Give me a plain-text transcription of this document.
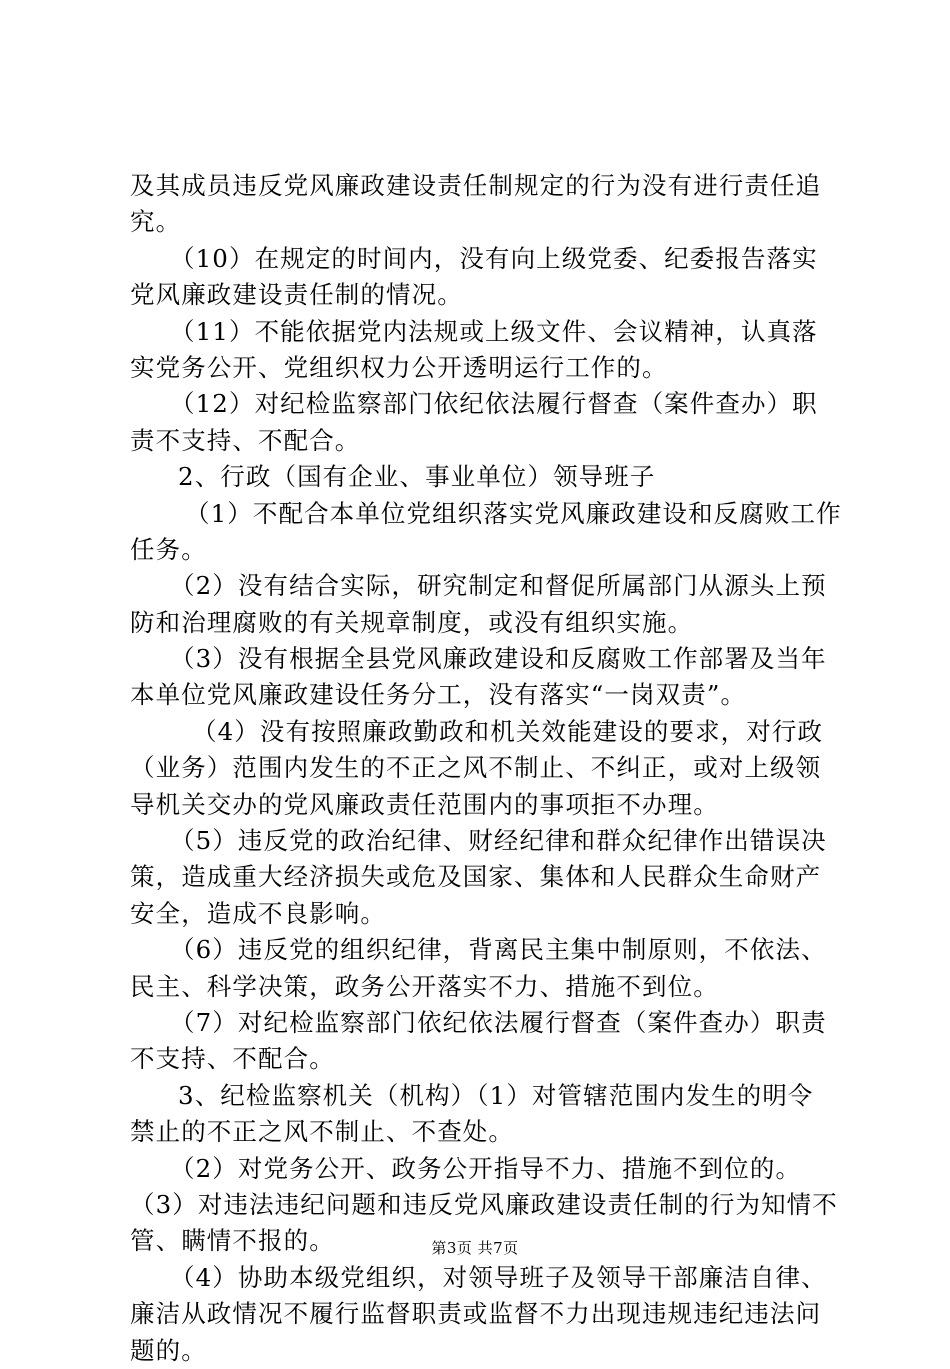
及其成员违反党风廉政建设责任制规定的行为没有进行责任追
究。
（10）在规定的时间内，没有向上级党委、纪委报告落实
党风廉政建设责任制的情况。
（11）不能依据党内法规或上级文件、会议精神，认真落
实党务公开、党组织权力公开透明运行工作的。
（12）对纪检监察部门依纪依法履行督查（案件查办）职
责不支持、不配合。
2、行政（国有企业、事业单位）领导班子
（1）不配合本单位党组织落实党风廉政建设和反腐败工作
任务。
（2）没有结合实际，研究制定和督促所属部门从源头上预
防和治理腐败的有关规章制度，或没有组织实施。
（3）没有根据全县党风廉政建设和反腐败工作部署及当年
本单位党风廉政建设任务分工，没有落实“一岗双责”。
（4）没有按照廉政勤政和机关效能建设的要求，对行政
（业务）范围内发生的不正之风不制止、不纠正，或对上级领
导机关交办的党风廉政责任范围内的事项拒不办理。
（5）违反党的政治纪律、财经纪律和群众纪律作出错误决
策，造成重大经济损失或危及国家、集体和人民群众生命财产
安全，造成不良影响。
（6）违反党的组织纪律，背离民主集中制原则，不依法、
民主、科学决策，政务公开落实不力、措施不到位。
（7）对纪检监察部门依纪依法履行督查（案件查办）职责
不支持、不配合。
3、纪检监察机关（机构）（1）对管辖范围内发生的明令
禁止的不正之风不制止、不查处。
（2）对党务公开、政务公开指导不力、措施不到位的。
（3）对违法违纪问题和违反党风廉政建设责任制的行为知情不
管、瞒情不报的。
（4）协助本级党组织，对领导班子及领导干部廉洁自律、
廉洁从政情况不履行监督职责或监督不力出现违规违纪违法问
题的。
第3页 共7页
